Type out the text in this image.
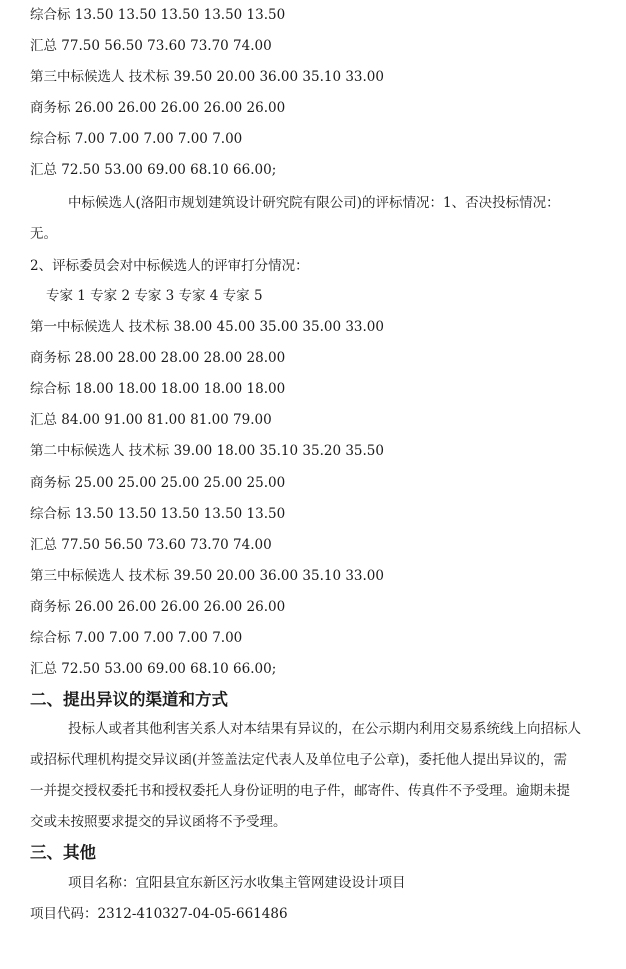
综合标 13.50 13.50 13.50 13.50 13.50
汇总 77.50 56.50 73.60 73.70 74.00
第三中标候选人 技术标 39.50 20.00 36.00 35.10 33.00
商务标 26.00 26.00 26.00 26.00 26.00
综合标 7.00 7.00 7.00 7.00 7.00
汇总 72.50 53.00 69.00 68.10 66.00;
中标候选人(洛阳市规划建筑设计研究院有限公司)的评标情况：1、否决投标情况：
无。
2、评标委员会对中标候选人的评审打分情况：
专家 1 专家 2 专家 3 专家 4 专家 5
第一中标候选人 技术标 38.00 45.00 35.00 35.00 33.00
商务标 28.00 28.00 28.00 28.00 28.00
综合标 18.00 18.00 18.00 18.00 18.00
汇总 84.00 91.00 81.00 81.00 79.00
第二中标候选人 技术标 39.00 18.00 35.10 35.20 35.50
商务标 25.00 25.00 25.00 25.00 25.00
综合标 13.50 13.50 13.50 13.50 13.50
汇总 77.50 56.50 73.60 73.70 74.00
第三中标候选人 技术标 39.50 20.00 36.00 35.10 33.00
商务标 26.00 26.00 26.00 26.00 26.00
综合标 7.00 7.00 7.00 7.00 7.00
汇总 72.50 53.00 69.00 68.10 66.00;
二、提出异议的渠道和方式
投标人或者其他利害关系人对本结果有异议的，在公示期内利用交易系统线上向招标人
或招标代理机构提交异议函(并签盖法定代表人及单位电子公章)，委托他人提出异议的，需
一并提交授权委托书和授权委托人身份证明的电子件，邮寄件、传真件不予受理。逾期未提
交或未按照要求提交的异议函将不予受理。
三、其他
项目名称：宜阳县宜东新区污水收集主管网建设设计项目
项目代码：2312-410327-04-05-661486
